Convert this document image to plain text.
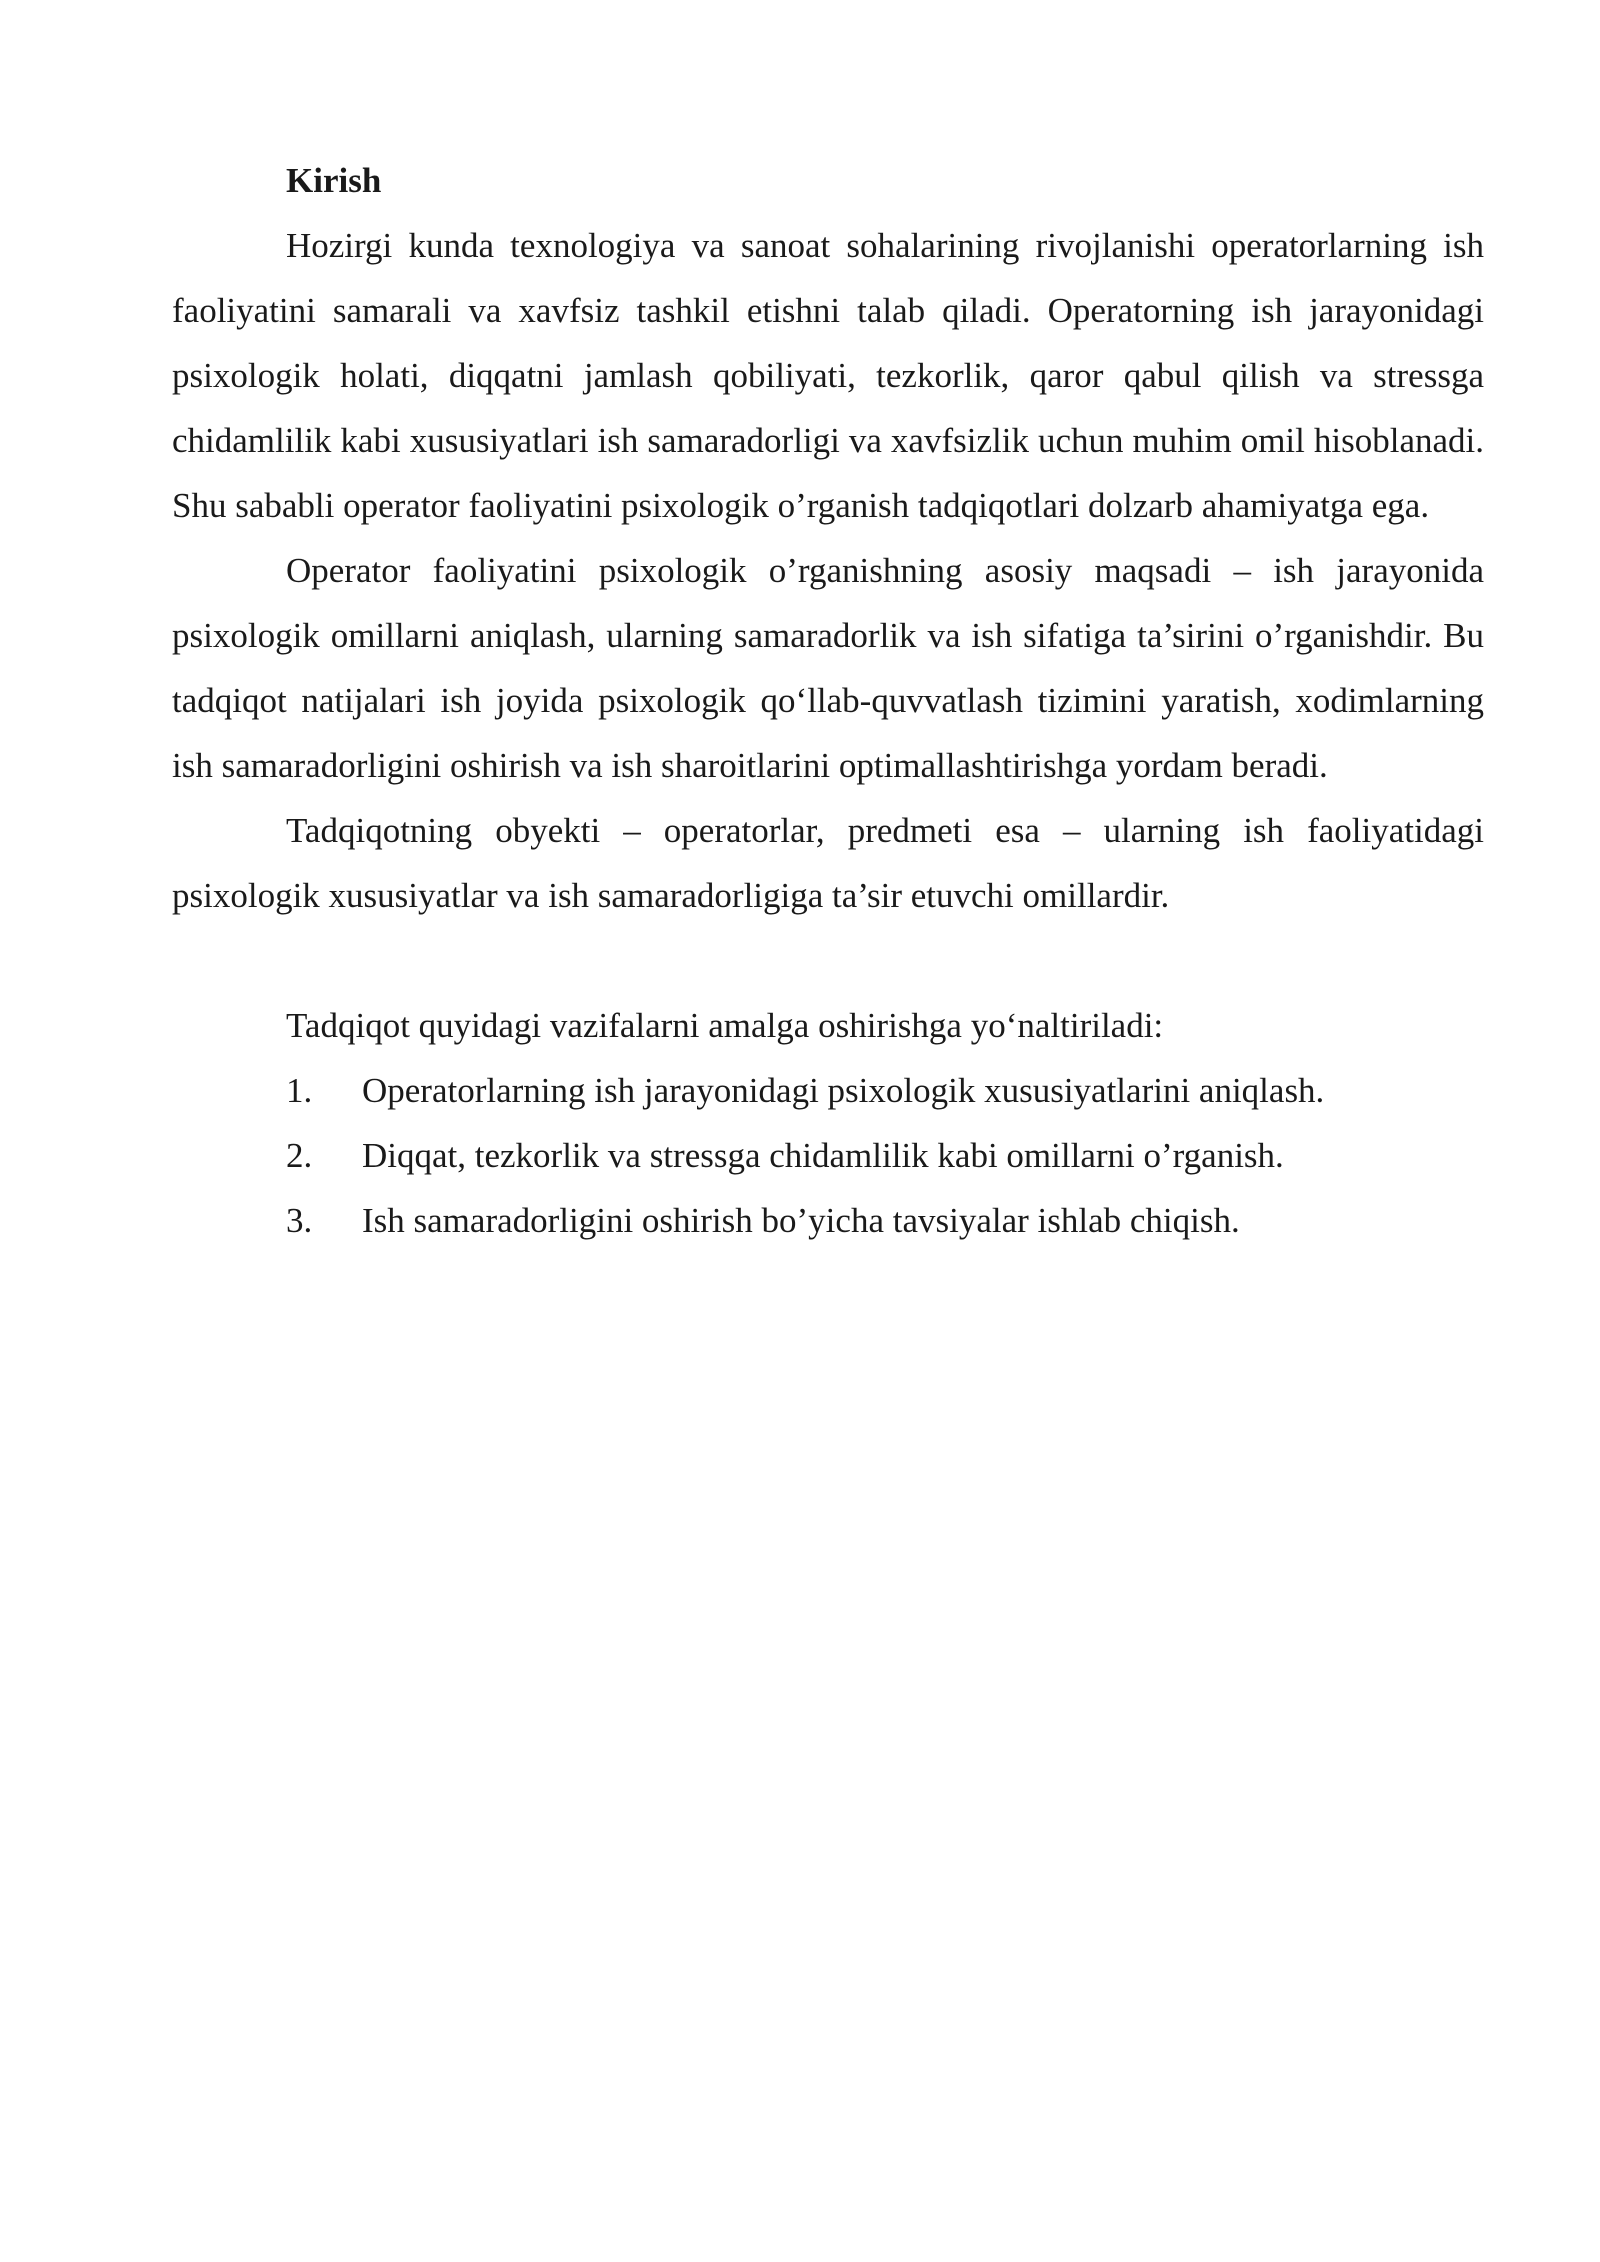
Kirish

Hozirgi kunda texnologiya va sanoat sohalarining rivojlanishi operatorlarning ish faoliyatini samarali va xavfsiz tashkil etishni talab qiladi. Operatorning ish jarayonidagi psixologik holati, diqqatni jamlash qobiliyati, tezkorlik, qaror qabul qilish va stressga chidamlilik kabi xususiyatlari ish samaradorligi va xavfsizlik uchun muhim omil hisoblanadi. Shu sababli operator faoliyatini psixologik o’rganish tadqiqotlari dolzarb ahamiyatga ega.

Operator faoliyatini psixologik o’rganishning asosiy maqsadi – ish jarayonida psixologik omillarni aniqlash, ularning samaradorlik va ish sifatiga ta’sirini o’rganishdir. Bu tadqiqot natijalari ish joyida psixologik qo‘llab-quvvatlash tizimini yaratish, xodimlarning ish samaradorligini oshirish va ish sharoitlarini optimallashtirishga yordam beradi.

Tadqiqotning obyekti – operatorlar, predmeti esa – ularning ish faoliyatidagi psixologik xususiyatlar va ish samaradorligiga ta’sir etuvchi omillardir.

Tadqiqot quyidagi vazifalarni amalga oshirishga yo‘naltiriladi:

1.	Operatorlarning ish jarayonidagi psixologik xususiyatlarini aniqlash.
2.	Diqqat, tezkorlik va stressga chidamlilik kabi omillarni o’rganish.
3.	Ish samaradorligini oshirish bo’yicha tavsiyalar ishlab chiqish.
